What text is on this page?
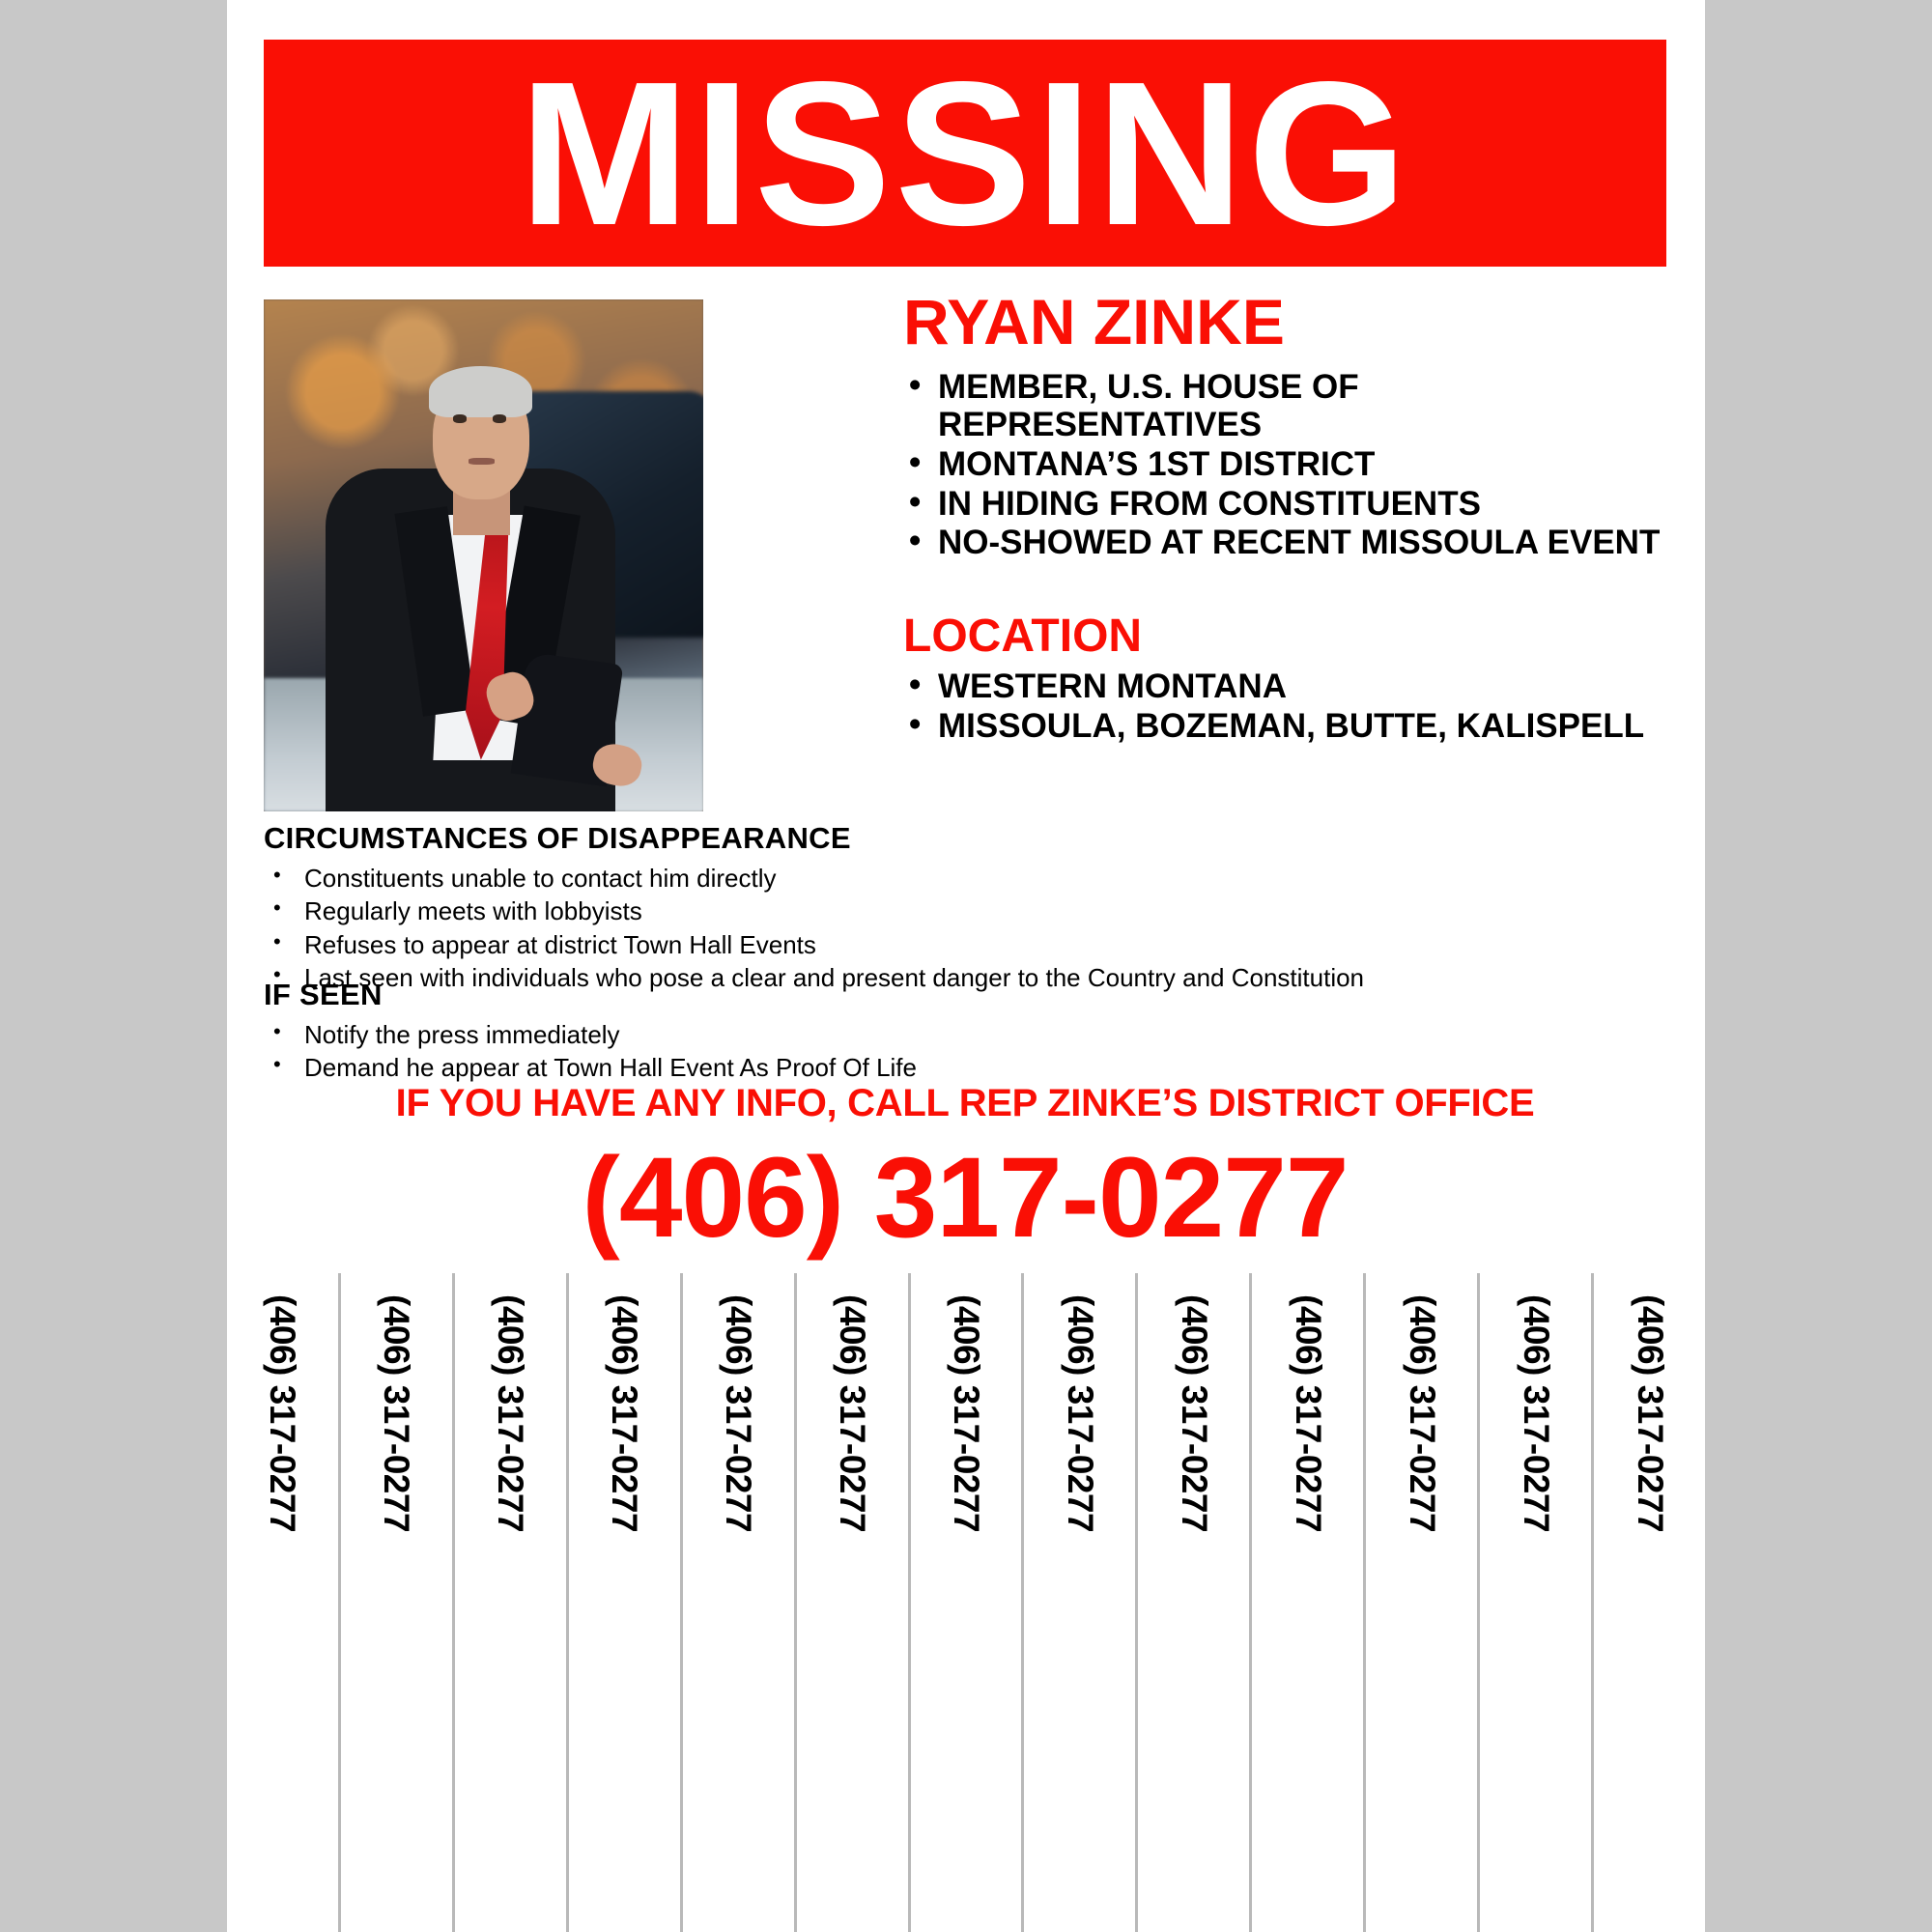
MISSING
RYAN ZINKE
• MEMBER, U.S. HOUSE OF REPRESENTATIVES
• MONTANA’S 1ST DISTRICT
• IN HIDING FROM CONSTITUENTS
• NO-SHOWED AT RECENT MISSOULA EVENT
LOCATION
• WESTERN MONTANA
• MISSOULA, BOZEMAN, BUTTE, KALISPELL
CIRCUMSTANCES OF DISAPPEARANCE
• Constituents unable to contact him directly
• Regularly meets with lobbyists
• Refuses to appear at district Town Hall Events
• Last seen with individuals who pose a clear and present danger to the Country and Constitution
IF SEEN
• Notify the press immediately
• Demand he appear at Town Hall Event As Proof Of Life
IF YOU HAVE ANY INFO, CALL REP ZINKE’S DISTRICT OFFICE
(406) 317-0277
(406) 317-0277 (406) 317-0277 (406) 317-0277 (406) 317-0277 (406) 317-0277 (406) 317-0277 (406) 317-0277 (406) 317-0277 (406) 317-0277 (406) 317-0277 (406) 317-0277 (406) 317-0277 (406) 317-0277
